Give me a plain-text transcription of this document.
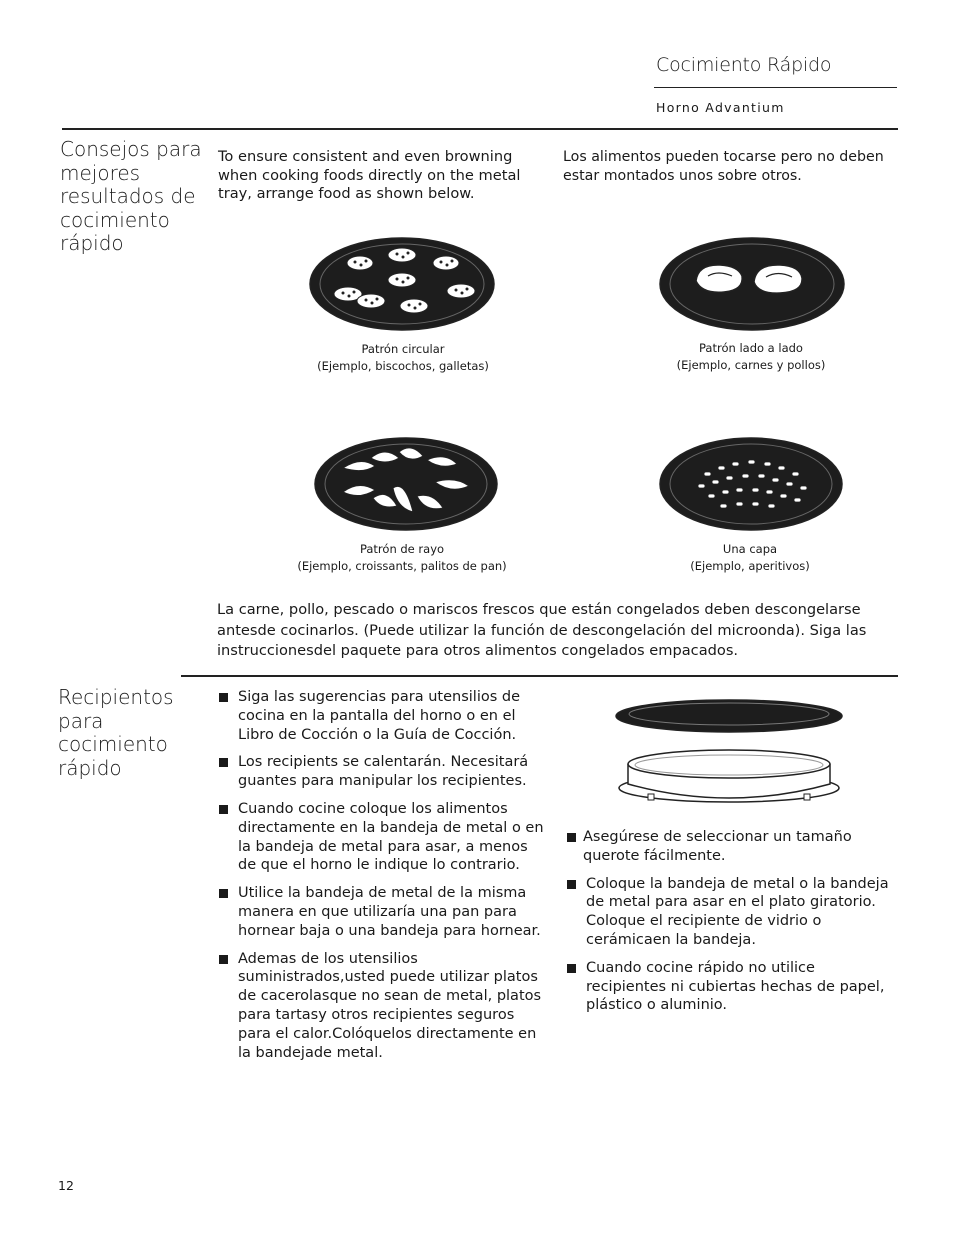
Cocimiento Rápido
Horno Advantium
Consejos para mejores resultados de cocimiento rápido
To ensure consistent and even browning when cooking foods directly on the metal tray, arrange food as shown below.
Los alimentos pueden tocarse pero no deben estar montados unos sobre otros.
Patrón circular
(Ejemplo, biscochos, galletas)
Patrón lado a lado
(Ejemplo, carnes y pollos)
Patrón de rayo
(Ejemplo, croissants, palitos de pan)
Una capa
(Ejemplo, aperitivos)
La carne, pollo, pescado o mariscos frescos que están congelados deben descongelarse antesde cocinarlos. (Puede utilizar la función de descongelación del microonda). Siga las instruccionesdel paquete para otros alimentos congelados empacados.
Recipientos para cocimiento rápido
Siga las sugerencias para utensilios de cocina en la pantalla del horno o en el Libro de Cocción o la Guía de Cocción.
Los recipients se calentarán. Necesitará guantes para manipular los recipientes.
Cuando cocine coloque los alimentos directamente en la bandeja de metal o en la bandeja de metal para asar, a menos de que el horno le indique lo contrario.
Utilice la bandeja de metal de la misma manera en que utilizaría una pan para hornear baja o una bandeja para hornear.
Ademas de los utensilios suministrados,usted puede utilizar platos de cacerolasque no sean de metal, platos para tartasy otros recipientes seguros para el calor.Colóquelos directamente en la bandejade metal.
Asegúrese de seleccionar un tamaño querote fácilmente.
Coloque la bandeja de metal o la bandeja de metal para asar en el plato giratorio. Coloque el recipiente de vidrio o cerámicaen la bandeja.
Cuando cocine rápido no utilice recipientes ni cubiertas hechas de papel, plástico o aluminio.
12
